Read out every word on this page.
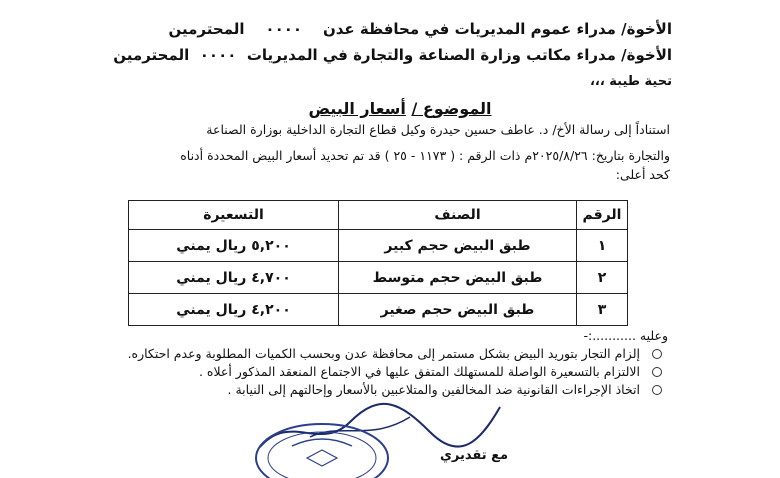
الأخوة/ مدراء عموم المديريات في محافظة عدن    ٠٠٠٠    المحترمين
الأخوة/ مدراء مكاتب وزارة الصناعة والتجارة في المديريات  ٠٠٠٠  المحترمين
تحية طيبة ،،،
الموضوع / أسعار البيض
استناداً إلى رسالة الأخ/ د. عاطف حسين حيدرة وكيل قطاع التجارة الداخلية بوزارة الصناعة
والتجارة بتاريخ: ٢٠٢٥/٨/٢٦م ذات الرقم : ( ١١٧٣ - ٢٥ ) قد تم تحديد أسعار البيض المحددة أدناه
كحد أعلى:
الرقم	الصنف	التسعيرة
١	طبق البيض حجم كبير	٥,٢٠٠ ريال يمني
٢	طبق البيض حجم متوسط	٤,٧٠٠ ريال يمني
٣	طبق البيض حجم صغير	٤,٢٠٠ ريال يمني
وعليه ...........:-
إلزام التجار بتوريد البيض بشكل مستمر إلى محافظة عدن وبحسب الكميات المطلوبة وعدم احتكاره.
الالتزام بالتسعيرة الواصلة للمستهلك المتفق عليها في الاجتماع المنعقد المذكور أعلاه .
اتخاذ الإجراءات القانونية ضد المخالفين والمتلاعبين بالأسعار وإحالتهم إلى النيابة .
مع تقديري
